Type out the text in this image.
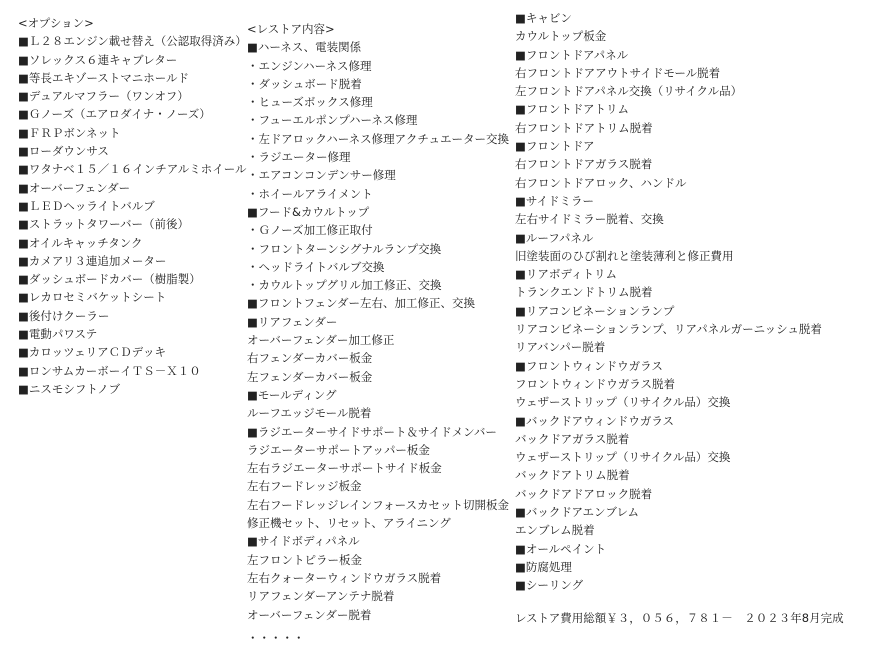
<オプション>
■Ｌ２８エンジン載せ替え（公認取得済み）
■ソレックス６連キャブレター
■等長エキゾーストマニホールド
■デュアルマフラー（ワンオフ）
■Ｇノーズ（エアロダイナ・ノーズ）
■ＦＲＰボンネット
■ローダウンサス
■ワタナベ１５／１６インチアルミホイール
■オーバーフェンダー
■ＬＥＤヘッライトバルブ
■ストラットタワーバー（前後）
■オイルキャッチタンク
■カメアリ３連追加メーター
■ダッシュボードカバー（樹脂製）
■レカロセミバケットシート
■後付けクーラー
■電動パワステ
■カロッツェリアＣＤデッキ
■ロンサムカーボーイＴＳ－Ｘ１０
■ニスモシフトノブ
<レストア内容>
■ハーネス、電装関係
・エンジンハーネス修理
・ダッシュボード脱着
・ヒューズボックス修理
・フューエルポンプハーネス修理
・左ドアロックハーネス修理アクチュエーター交換
・ラジエーター修理
・エアコンコンデンサー修理
・ホイールアライメント
■フード&カウルトップ
・Ｇノーズ加工修正取付
・フロントターンシグナルランプ交換
・ヘッドライトバルブ交換
・カウルトップグリル加工修正、交換
■フロントフェンダー左右、加工修正、交換
■リアフェンダー
オーバーフェンダー加工修正
右フェンダーカバー板金
左フェンダーカバー板金
■モールディング
ルーフエッジモール脱着
■ラジエーターサイドサポート＆サイドメンバー
ラジエーターサポートアッパー板金
左右ラジエーターサポートサイド板金
左右フードレッジ板金
左右フードレッジレインフォースカセット切開板金
修正機セット、リセット、アライニング
■サイドボディパネル
左フロントピラー板金
左右クォーターウィンドウガラス脱着
リアフェンダーアンテナ脱着
オーバーフェンダー脱着
■キャビン
カウルトップ板金
■フロントドアパネル
右フロントドアアウトサイドモール脱着
左フロントドアパネル交換（リサイクル品）
■フロントドアトリム
右フロントドアトリム脱着
■フロントドア
右フロントドアガラス脱着
右フロントドアロック、ハンドル
■サイドミラー
左右サイドミラー脱着、交換
■ルーフパネル
旧塗装面のひび割れと塗装薄利と修正費用
■リアボディトリム
トランクエンドトリム脱着
■リアコンビネーションランプ
リアコンビネーションランプ、リアパネルガーニッシュ脱着
リアバンパー脱着
■フロントウィンドウガラス
フロントウィンドウガラス脱着
ウェザーストリップ（リサイクル品）交換
■バックドアウィンドウガラス
バックドアガラス脱着
ウェザーストリップ（リサイクル品）交換
バックドアトリム脱着
バックドアドアロック脱着
■バックドアエンブレム
エンブレム脱着
■オールペイント
■防腐処理
■シーリング
・・・・・
レストア費用総額￥３，０５６，７８１－　２０２３年8月完成
